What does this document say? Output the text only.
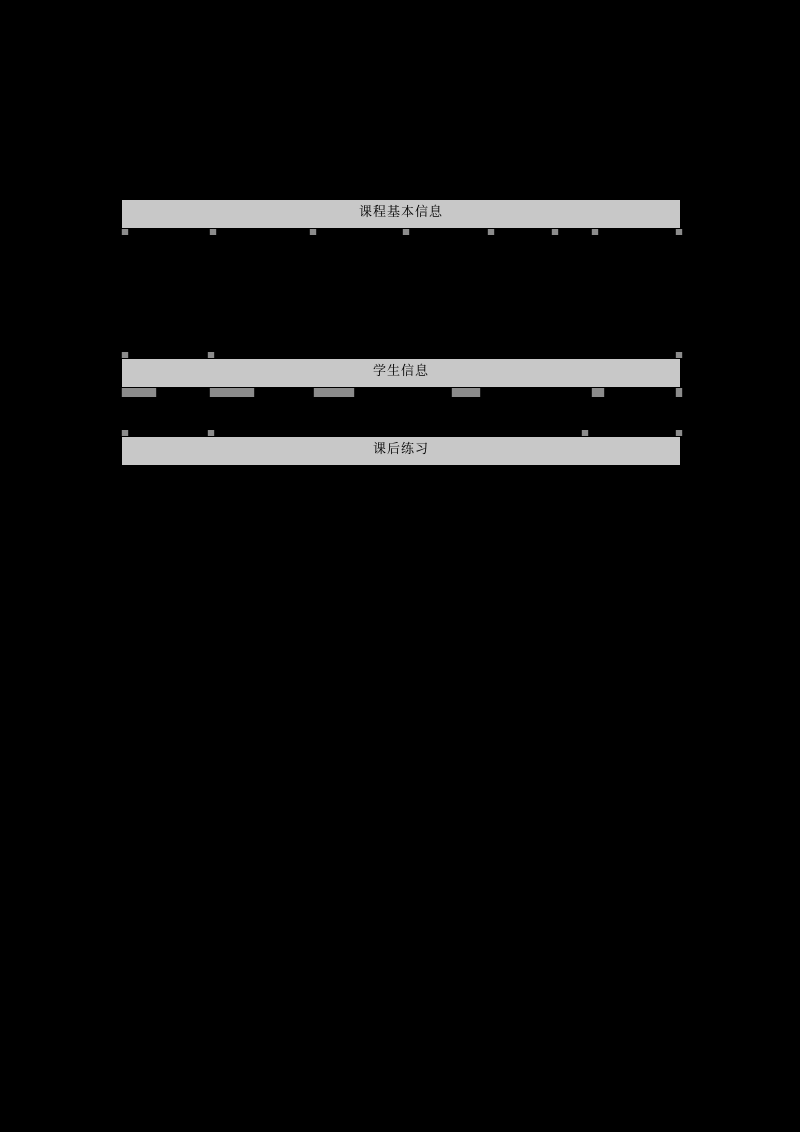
课程基本信息
学生信息
课后练习
